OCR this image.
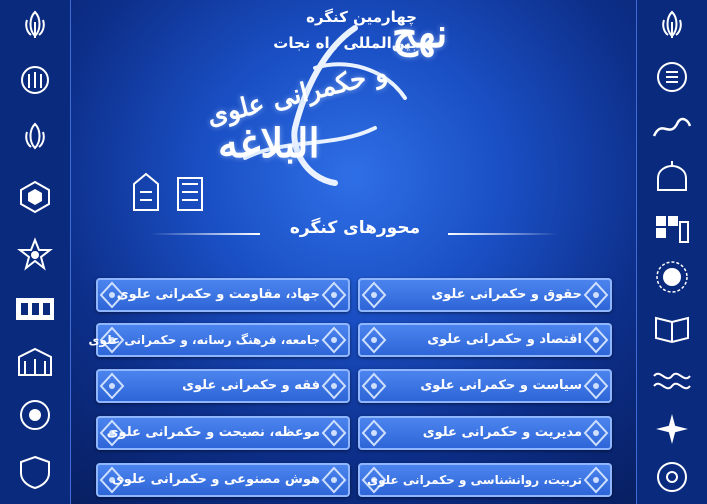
چهارمین کنگره
بین‌المللی راه نجات
نهج
البلاغه
و حکمرانی علوی
محورهای کنگره
جهاد، مقاومت و حکمرانی علوی
جامعه، فرهنگ رسانه، و حکمرانی علوی
فقه و حکمرانی علوی
موعظه، نصیحت و حکمرانی علوی
هوش مصنوعی و حکمرانی علوی
حقوق و حکمرانی علوی
اقتصاد و حکمرانی علوی
سیاست و حکمرانی علوی
مدیریت و حکمرانی علوی
تربیت، روانشناسی و حکمرانی علوی
